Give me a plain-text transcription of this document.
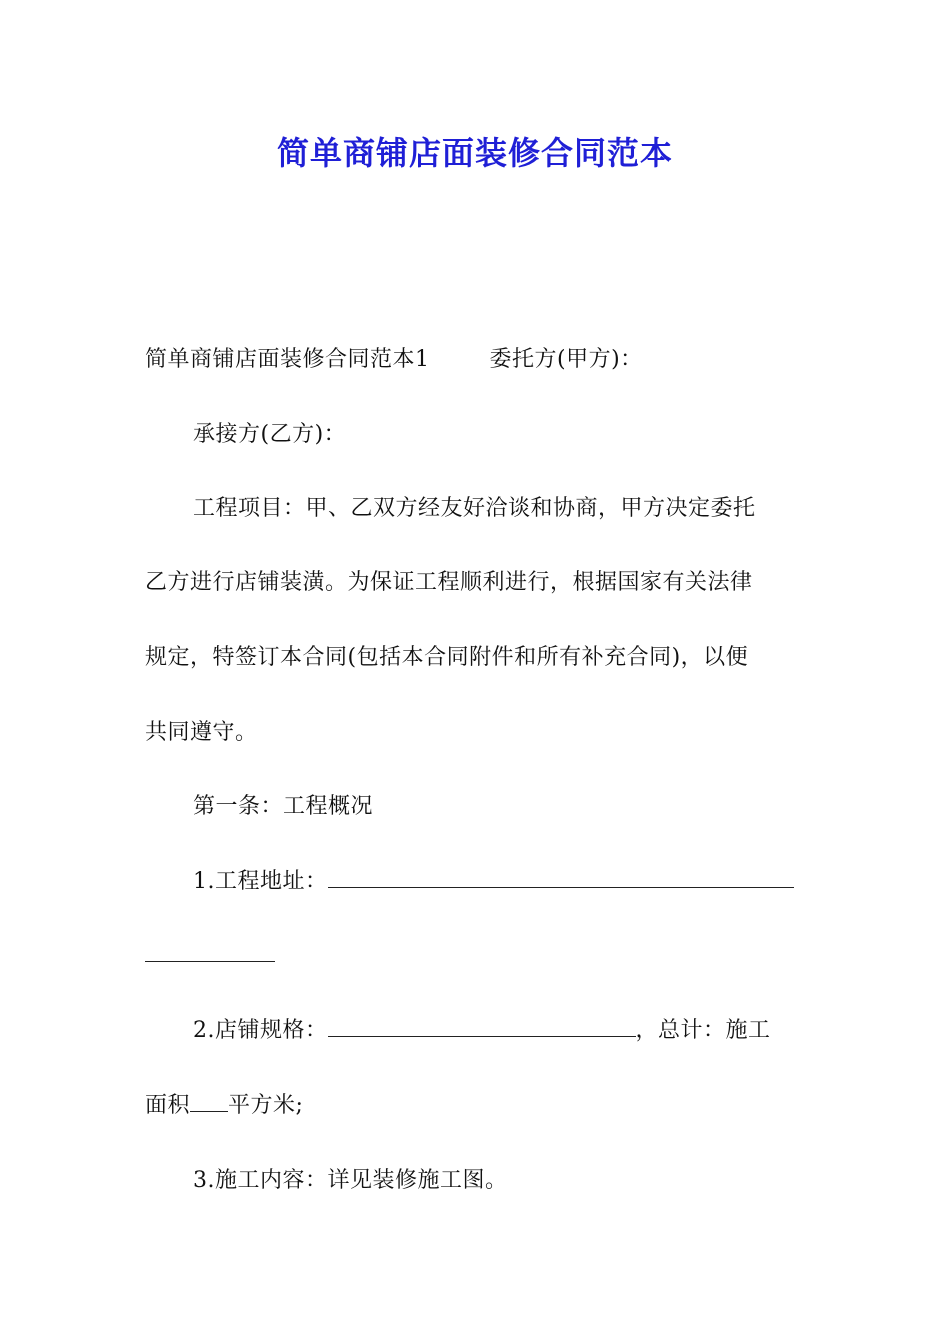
简单商铺店面装修合同范本
简单商铺店面装修合同范本1	委托方(甲方)：
承接方(乙方)：
工程项目：甲、乙双方经友好洽谈和协商，甲方决定委托
乙方进行店铺装潢。为保证工程顺利进行，根据国家有关法律
规定，特签订本合同(包括本合同附件和所有补充合同)，以便
共同遵守。
第一条：工程概况
1.工程地址：
2.店铺规格：	，总计：施工
面积 平方米;
3.施工内容：详见装修施工图。
